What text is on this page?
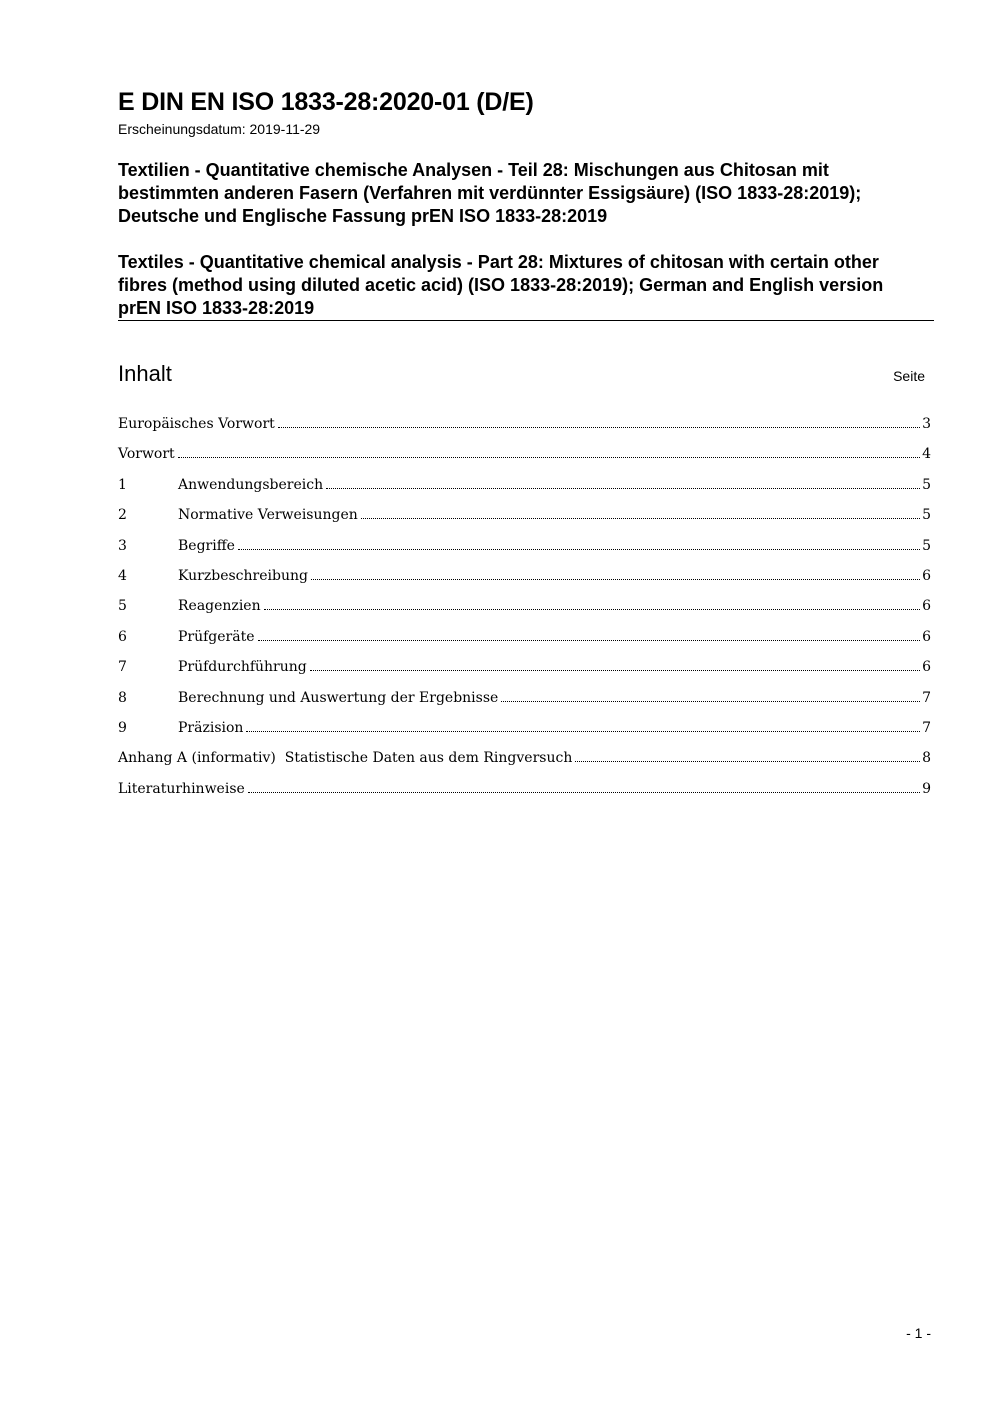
E DIN EN ISO 1833-28:2020-01 (D/E)
Erscheinungsdatum: 2019-11-29
Textilien - Quantitative chemische Analysen - Teil 28: Mischungen aus Chitosan mit bestimmten anderen Fasern (Verfahren mit verdünnter Essigsäure) (ISO 1833-28:2019); Deutsche und Englische Fassung prEN ISO 1833-28:2019
Textiles - Quantitative chemical analysis - Part 28: Mixtures of chitosan with certain other fibres (method using diluted acetic acid) (ISO 1833-28:2019); German and English version prEN ISO 1833-28:2019
Inhalt	Seite
Europäisches Vorwort	3
Vorwort	4
1	Anwendungsbereich	5
2	Normative Verweisungen	5
3	Begriffe	5
4	Kurzbeschreibung	6
5	Reagenzien	6
6	Prüfgeräte	6
7	Prüfdurchführung	6
8	Berechnung und Auswertung der Ergebnisse	7
9	Präzision	7
Anhang A (informativ)  Statistische Daten aus dem Ringversuch	8
Literaturhinweise	9
- 1 -
